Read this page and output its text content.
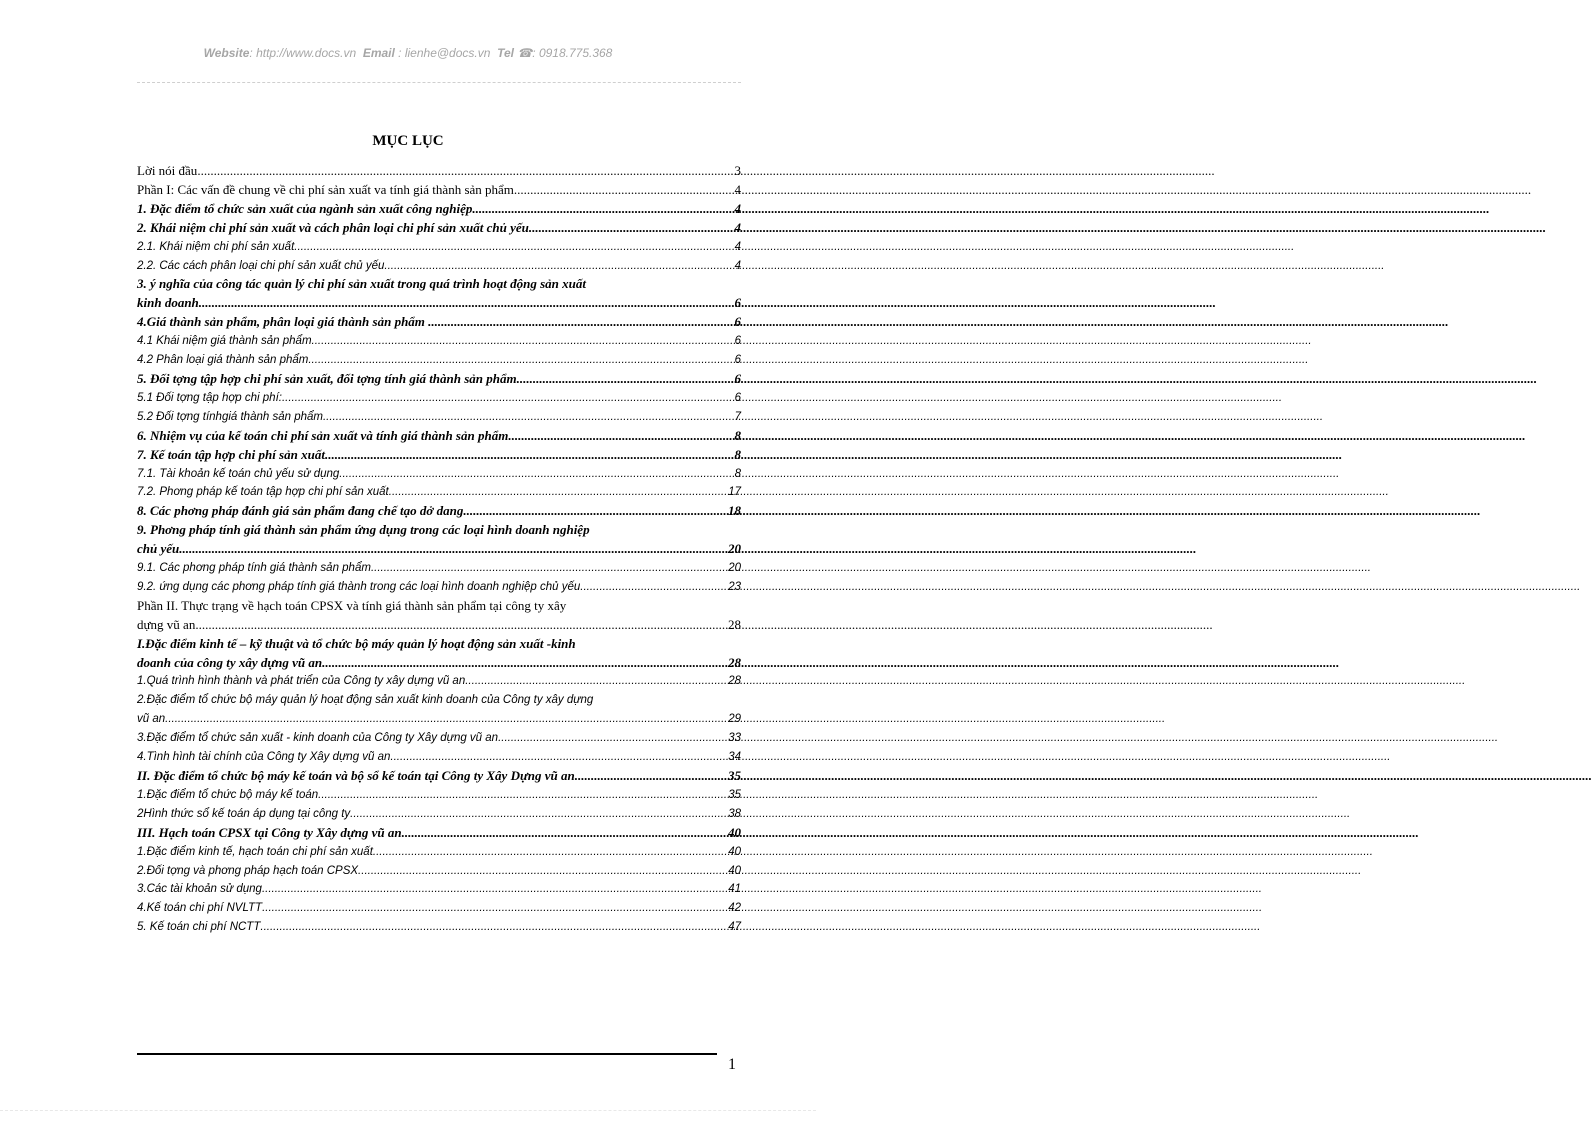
Website: http://www.docs.vn Email : lienhe@docs.vn Tel ☎: 0918.775.368
MỤC LỤC
Lời nói đầu .....	3
Phần I: Các vấn đề chung về chi phí sản xuất va tính giá thành sản phẩm .....	4
1. Đặc điểm tổ chức sản xuất của ngành sản xuất công nghiệp .....	4
2. Khái niệm chi phí sản xuất và cách phân loại chi phí sản xuất chủ yếu .....	4
2.1. Khái niệm chi phí sản xuất .....	4
2.2. Các cách phân loại chi phí sản xuất chủ yếu .....	4
3. ý nghĩa của công tác quản lý chi phí sản xuất trong quá trình hoạt động sản xuất
kinh doanh .....	6
4.Giá thành sản phẩm, phân loại giá thành sản phẩm . .....	6
4.1 Khái niệm giá thành sản phẩm .....	6
4.2 Phân loại giá thành sản phẩm .....	6
5. Đối tợng tập hợp chi phí sản xuất, đối tợng tính giá thành sản phẩm. .....	6
5.1 Đối tợng tập hợp chi phí: .....	6
5.2 Đối tợng tínhgiá thành sản phẩm .....	7
6. Nhiệm vụ của kế toán chi phí sản xuất và tính giá thành sản phẩm .....	8
7. Kế toán tập hợp chi phí sản xuất .....	8
7.1. Tài khoản kế toán chủ yếu sử dụng .....	8
7.2. Phơng pháp kế toán tập hợp chi phí sản xuất .....	17
8. Các phơng pháp đánh giá sản phẩm đang chế tạo dở dang .....	18
9. Phơng pháp tính giá thành sản phẩm ứng dụng trong các loại hình doanh nghiệp
chủ yếu .....	20
9.1. Các phơng pháp tính giá thành sản phẩm .....	20
9.2. ứng dụng các phơng pháp tính giá thành trong các loại hình doanh nghiệp chủ yếu .....	23
Phần II. Thực trạng về hạch toán CPSX và tính giá thành sản phẩm tại công ty xây
dựng vũ an .....	28
I.Đặc điểm kinh tế – kỹ thuật và tổ chức bộ máy quản lý hoạt động sản xuất -kinh
doanh của công ty xây dựng vũ an .....	28
1.Quá trình hình thành và phát triển của Công ty xây dựng vũ an .....	28
2.Đặc điểm tổ chức bộ máy quản lý hoạt động sản xuất kinh doanh của Công ty xây dựng
vũ an .....	29
3.Đặc điểm tổ chức sản xuất - kinh doanh của Công ty Xây dựng vũ an .....	33
4.Tình hình tài chính của Công ty Xây dựng vũ an .....	34
II. Đặc điểm tổ chức bộ máy kế toán và bộ sổ kế toán tại Công ty Xây Dựng vũ an .....	35
1.Đặc điểm tổ chức bộ máy kế toán .....	35
2Hình thức sổ kế toán áp dụng tại công ty .....	38
III. Hạch toán CPSX tại Công ty Xây dựng vũ an .....	40
1.Đặc điểm kinh tế, hạch toán chi phí sản xuất .....	40
2.Đối tợng và phơng pháp hạch toán CPSX. .....	40
3.Các tài khoản sử dụng .....	41
4.Kế toán chi phí NVLTT .....	42
5. Kế toán chi phí NCTT .....	47
1
